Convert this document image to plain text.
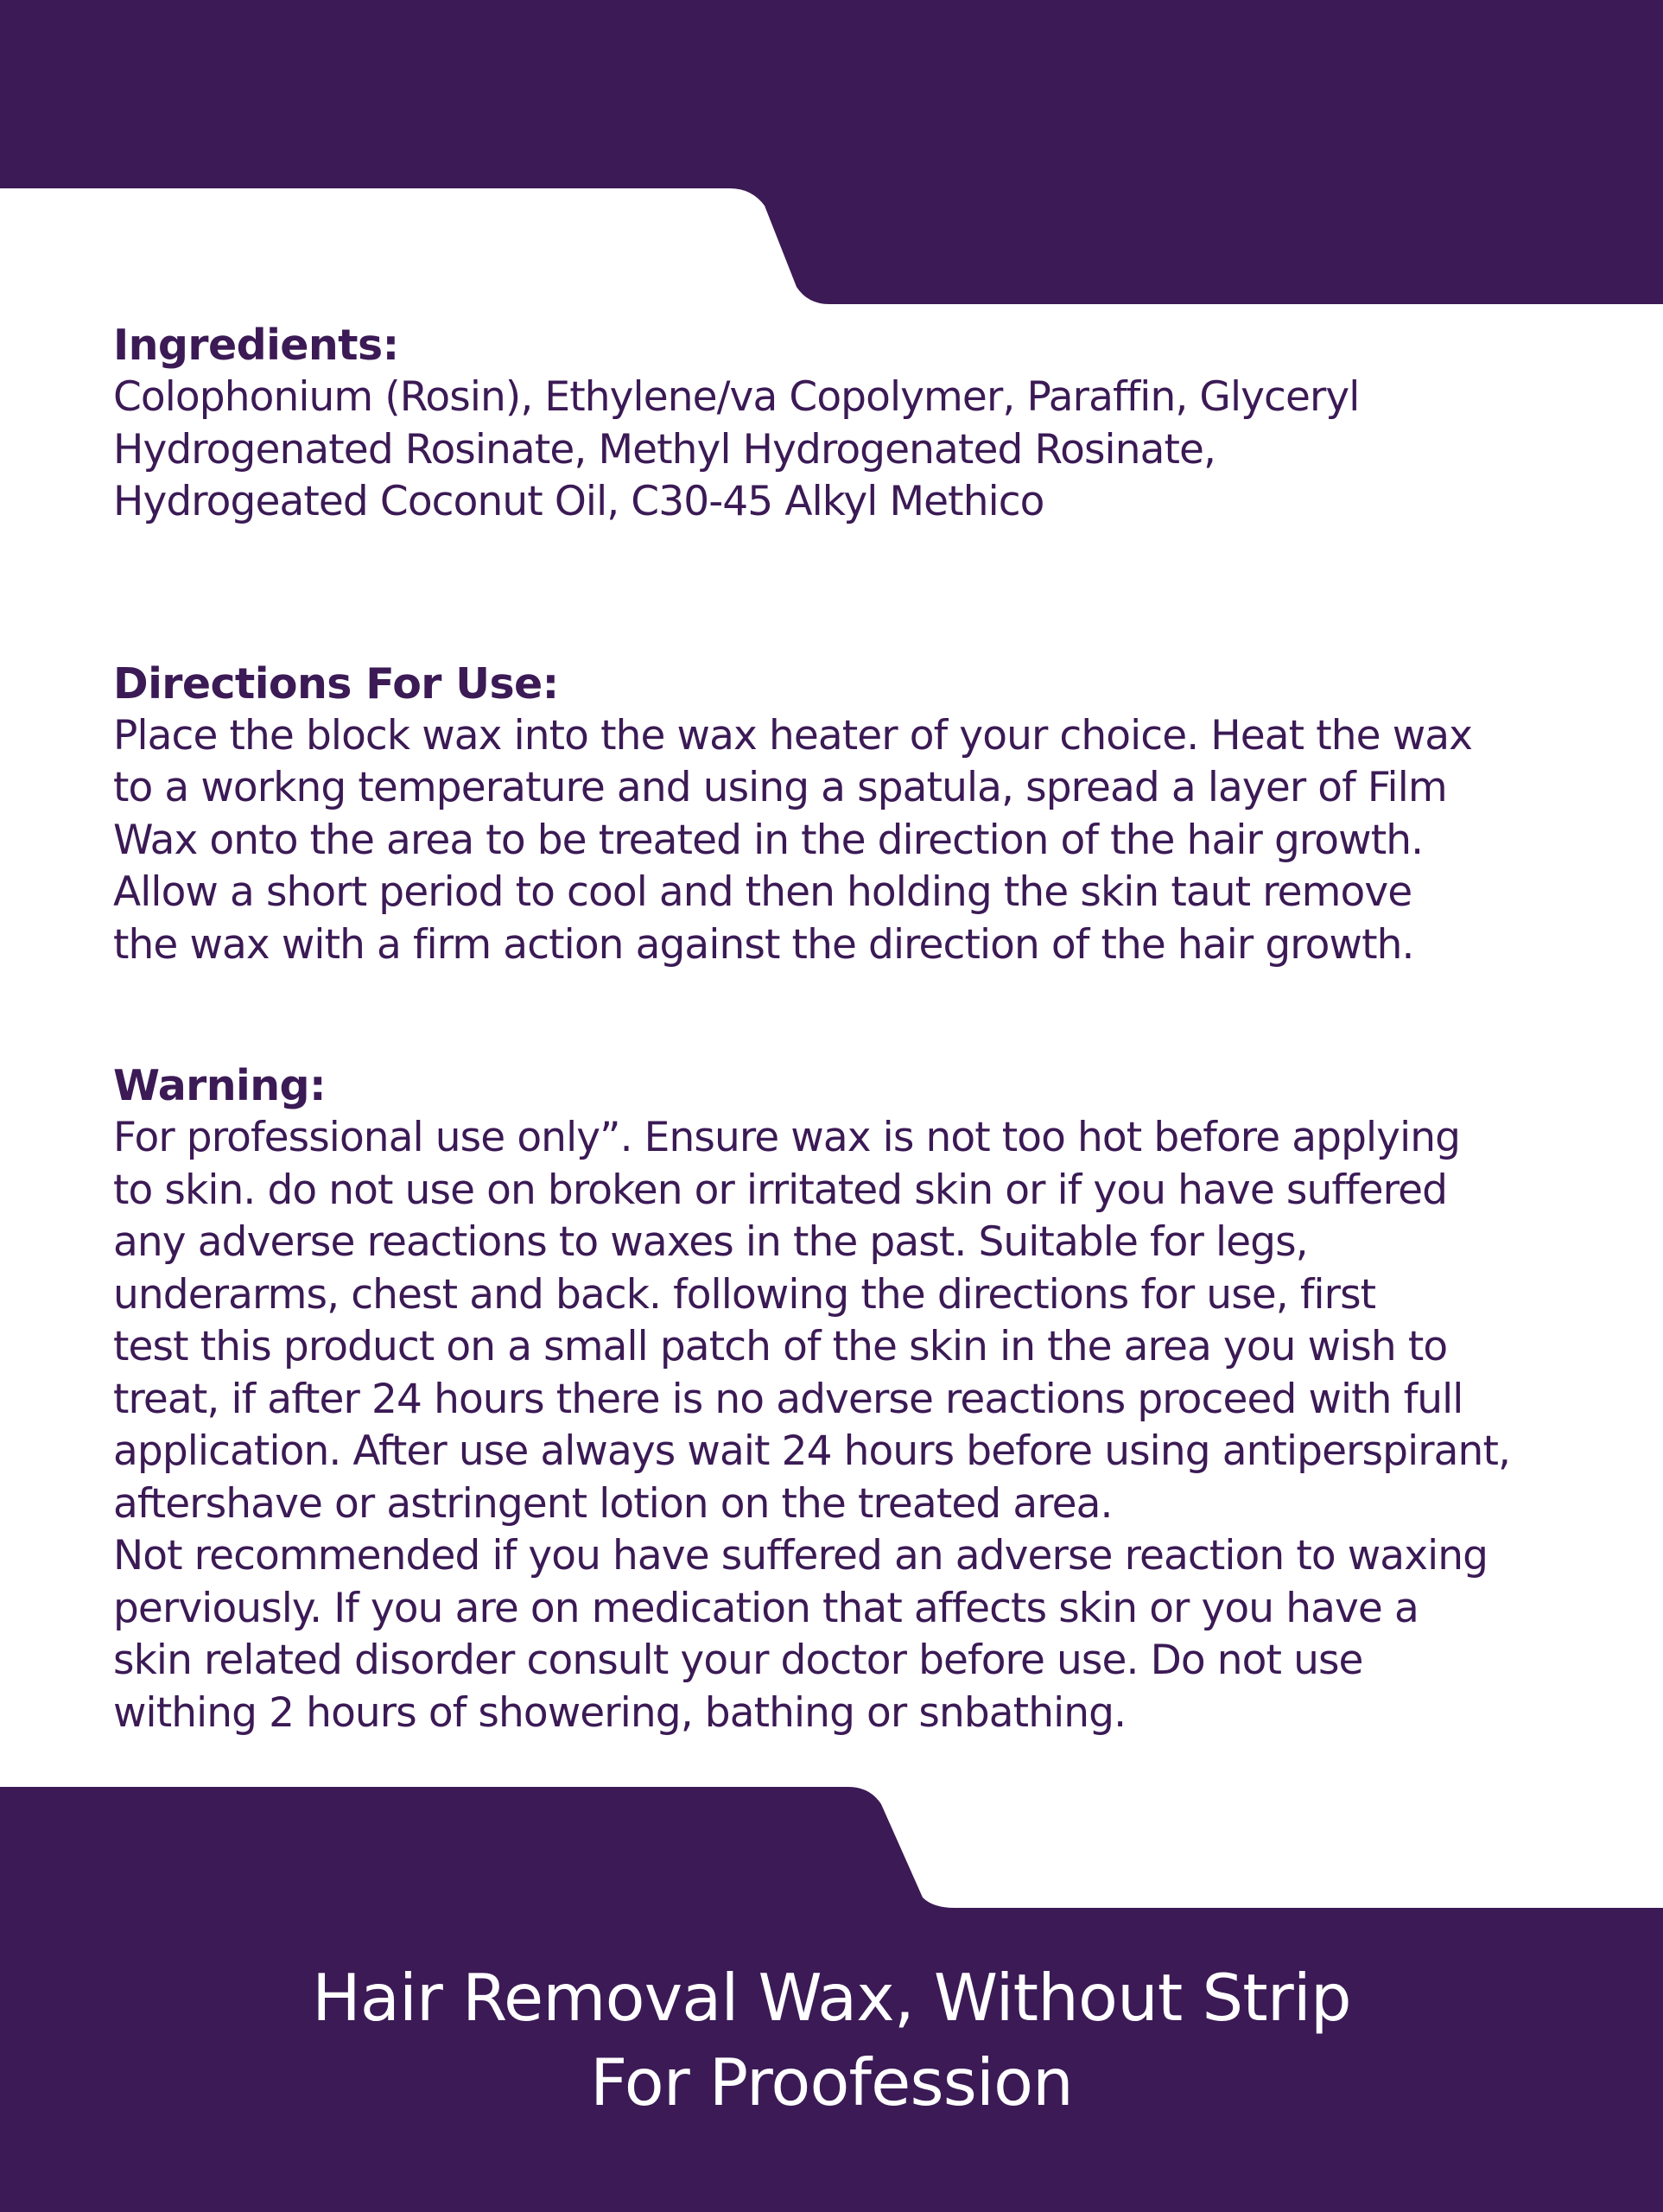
Ingredients:

Colophonium (Rosin), Ethylene/va Copolymer, Paraffin, Glyceryl
Hydrogenated Rosinate, Methyl Hydrogenated Rosinate,
Hydrogeated Coconut Oil, C30-45 Alkyl Methico

Directions For Use:

Place the block wax into the wax heater of your choice. Heat the wax
to a workng temperature and using a spatula, spread a layer of Film
Wax onto the area to be treated in the direction of the hair growth.
Allow a short period to cool and then holding the skin taut remove
the wax with a firm action against the direction of the hair growth.

Warning:

For professional use only”. Ensure wax is not too hot before applying
to skin. do not use on broken or irritated skin or if you have suffered
any adverse reactions to waxes in the past. Suitable for legs,
underarms, chest and back. following the directions for use, first
test this product on a small patch of the skin in the area you wish to
treat, if after 24 hours there is no adverse reactions proceed with full
application. After use always wait 24 hours before using antiperspirant,
aftershave or astringent lotion on the treated area.
Not recommended if you have suffered an adverse reaction to waxing
perviously. If you are on medication that affects skin or you have a
skin related disorder consult your doctor before use. Do not use
withing 2 hours of showering, bathing or snbathing.

Hair Removal Wax, Without Strip
For Proofession
